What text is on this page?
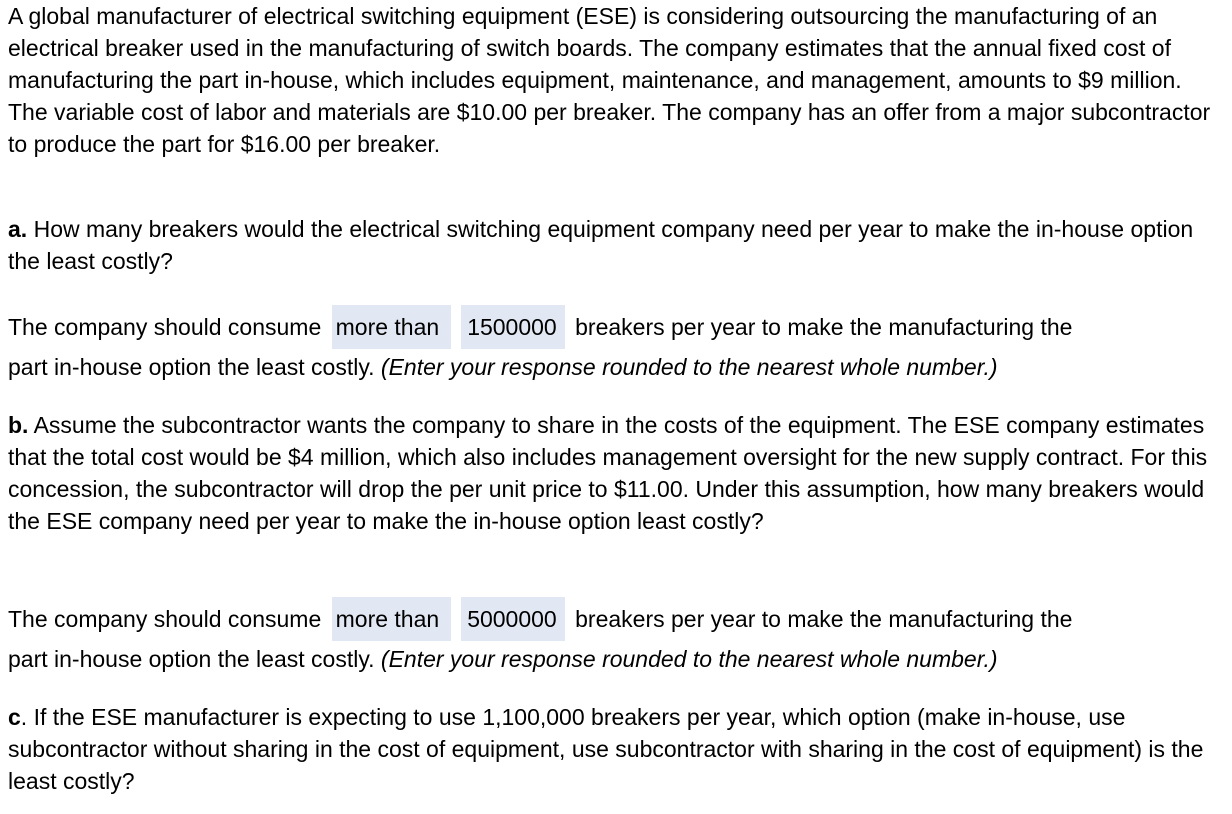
A global manufacturer of electrical switching equipment (ESE) is considering outsourcing the manufacturing of an electrical breaker used in the manufacturing of switch boards. The company estimates that the annual fixed cost of manufacturing the part in-house, which includes equipment, maintenance, and management, amounts to $9 million. The variable cost of labor and materials are $10.00 per breaker. The company has an offer from a major subcontractor to produce the part for $16.00 per breaker.

a. How many breakers would the electrical switching equipment company need per year to make the in-house option the least costly?

The company should consume more than 1500000 breakers per year to make the manufacturing the

part in-house option the least costly. (Enter your response rounded to the nearest whole number.)

b. Assume the subcontractor wants the company to share in the costs of the equipment. The ESE company estimates that the total cost would be $4 million, which also includes management oversight for the new supply contract. For this concession, the subcontractor will drop the per unit price to $11.00. Under this assumption, how many breakers would the ESE company need per year to make the in-house option least costly?

The company should consume more than 5000000 breakers per year to make the manufacturing the

part in-house option the least costly. (Enter your response rounded to the nearest whole number.)

c. If the ESE manufacturer is expecting to use 1,100,000 breakers per year, which option (make in-house, use subcontractor without sharing in the cost of equipment, use subcontractor with sharing in the cost of equipment) is the least costly?
